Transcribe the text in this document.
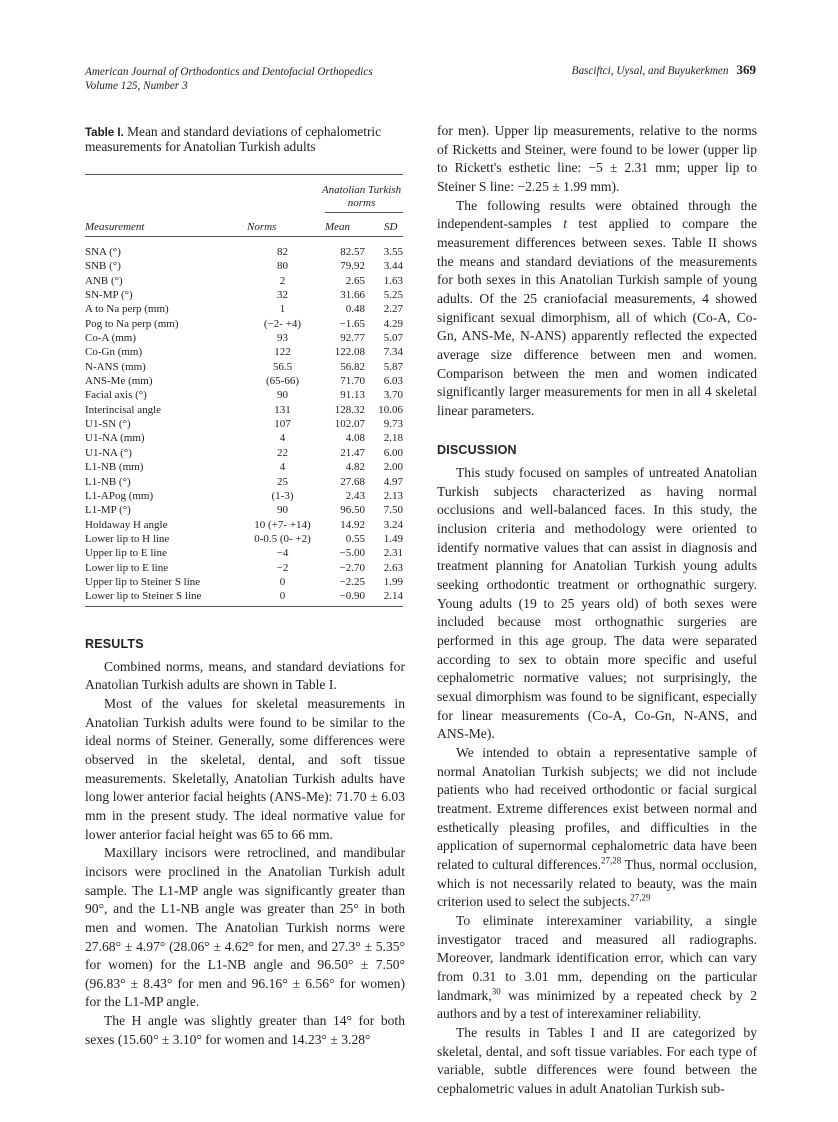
American Journal of Orthodontics and Dentofacial Orthopedics
Volume 125, Number 3
Basciftci, Uysal, and Buyukerkmen 369
Table I. Mean and standard deviations of cephalometric measurements for Anatolian Turkish adults
Anatolian Turkish norms
Measurement	Norms	Mean	SD
SNA (°)	82	82.57	3.55
SNB (°)	80	79.92	3.44
ANB (°)	2	2.65	1.63
SN-MP (°)	32	31.66	5.25
A to Na perp (mm)	1	0.48	2.27
Pog to Na perp (mm)	(−2- +4)	−1.65	4.29
Co-A (mm)	93	92.77	5.07
Co-Gn (mm)	122	122.08	7.34
N-ANS (mm)	56.5	56.82	5.87
ANS-Me (mm)	(65-66)	71.70	6.03
Facial axis (°)	90	91.13	3.70
Interincisal angle	131	128.32	10.06
U1-SN (°)	107	102.07	9.73
U1-NA (mm)	4	4.08	2.18
U1-NA (°)	22	21.47	6.00
L1-NB (mm)	4	4.82	2.00
L1-NB (°)	25	27.68	4.97
L1-APog (mm)	(1-3)	2.43	2.13
L1-MP (°)	90	96.50	7.50
Holdaway H angle	10 (+7- +14)	14.92	3.24
Lower lip to H line	0-0.5 (0- +2)	0.55	1.49
Upper lip to E line	−4	−5.00	2.31
Lower lip to E line	−2	−2.70	2.63
Upper lip to Steiner S line	0	−2.25	1.99
Lower lip to Steiner S line	0	−0.90	2.14
RESULTS

Combined norms, means, and standard deviations for Anatolian Turkish adults are shown in Table I.

Most of the values for skeletal measurements in Anatolian Turkish adults were found to be similar to the ideal norms of Steiner. Generally, some differences were observed in the skeletal, dental, and soft tissue measurements. Skeletally, Anatolian Turkish adults have long lower anterior facial heights (ANS-Me): 71.70 ± 6.03 mm in the present study. The ideal normative value for lower anterior facial height was 65 to 66 mm.

Maxillary incisors were retroclined, and mandibular incisors were proclined in the Anatolian Turkish adult sample. The L1-MP angle was significantly greater than 90°, and the L1-NB angle was greater than 25° in both men and women. The Anatolian Turkish norms were 27.68° ± 4.97° (28.06° ± 4.62° for men, and 27.3° ± 5.35° for women) for the L1-NB angle and 96.50° ± 7.50° (96.83° ± 8.43° for men and 96.16° ± 6.56° for women) for the L1-MP angle.

The H angle was slightly greater than 14° for both sexes (15.60° ± 3.10° for women and 14.23° ± 3.28°

for men). Upper lip measurements, relative to the norms of Ricketts and Steiner, were found to be lower (upper lip to Rickett's esthetic line: −5 ± 2.31 mm; upper lip to Steiner S line: −2.25 ± 1.99 mm).

The following results were obtained through the independent-samples t test applied to compare the measurement differences between sexes. Table II shows the means and standard deviations of the measurements for both sexes in this Anatolian Turkish sample of young adults. Of the 25 craniofacial measurements, 4 showed significant sexual dimorphism, all of which (Co-A, Co-Gn, ANS-Me, N-ANS) apparently reflected the expected average size difference between men and women. Comparison between the men and women indicated significantly larger measurements for men in all 4 skeletal linear parameters.

DISCUSSION

This study focused on samples of untreated Anatolian Turkish subjects characterized as having normal occlusions and well-balanced faces. In this study, the inclusion criteria and methodology were oriented to identify normative values that can assist in diagnosis and treatment planning for Anatolian Turkish young adults seeking orthodontic treatment or orthognathic surgery. Young adults (19 to 25 years old) of both sexes were included because most orthognathic surgeries are performed in this age group. The data were separated according to sex to obtain more specific and useful cephalometric normative values; not surprisingly, the sexual dimorphism was found to be significant, especially for linear measurements (Co-A, Co-Gn, N-ANS, and ANS-Me).

We intended to obtain a representative sample of normal Anatolian Turkish subjects; we did not include patients who had received orthodontic or facial surgical treatment. Extreme differences exist between normal and esthetically pleasing profiles, and difficulties in the application of supernormal cephalometric data have been related to cultural differences.$^{27,28}$ Thus, normal occlusion, which is not necessarily related to beauty, was the main criterion used to select the subjects.$^{27,29}$

To eliminate interexaminer variability, a single investigator traced and measured all radiographs. Moreover, landmark identification error, which can vary from 0.31 to 3.01 mm, depending on the particular landmark,$^{30}$ was minimized by a repeated check by 2 authors and by a test of interexaminer reliability.

The results in Tables I and II are categorized by skeletal, dental, and soft tissue variables. For each type of variable, subtle differences were found between the cephalometric values in adult Anatolian Turkish sub-
